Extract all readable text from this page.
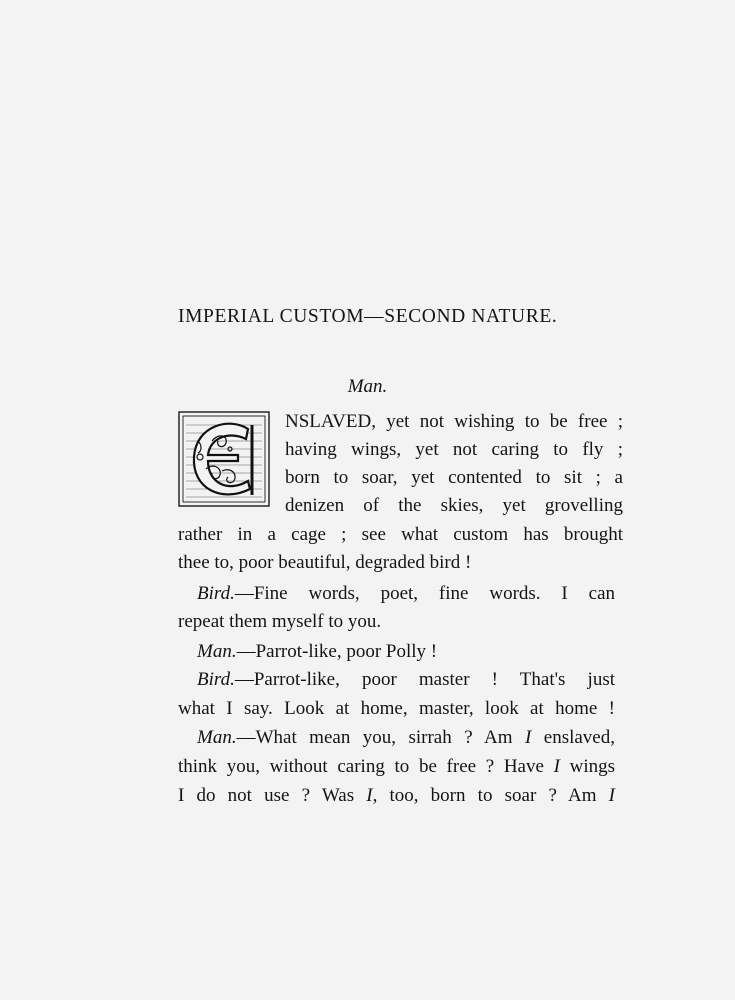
IMPERIAL CUSTOM—SECOND NATURE.
Man.
NSLAVED, yet not wishing to be free ;
having wings, yet not caring to fly ;
born to soar, yet contented to sit ; a
denizen of the skies, yet grovelling
rather in a cage ; see what custom has brought
thee to, poor beautiful, degraded bird !
Bird.—Fine words, poet, fine words. I can
repeat them myself to you.
Man.—Parrot-like, poor Polly !
Bird.—Parrot-like, poor master ! That's just
what I say. Look at home, master, look at home !
Man.—What mean you, sirrah ? Am I enslaved,
think you, without caring to be free ? Have I wings
I do not use ? Was I, too, born to soar ? Am I
